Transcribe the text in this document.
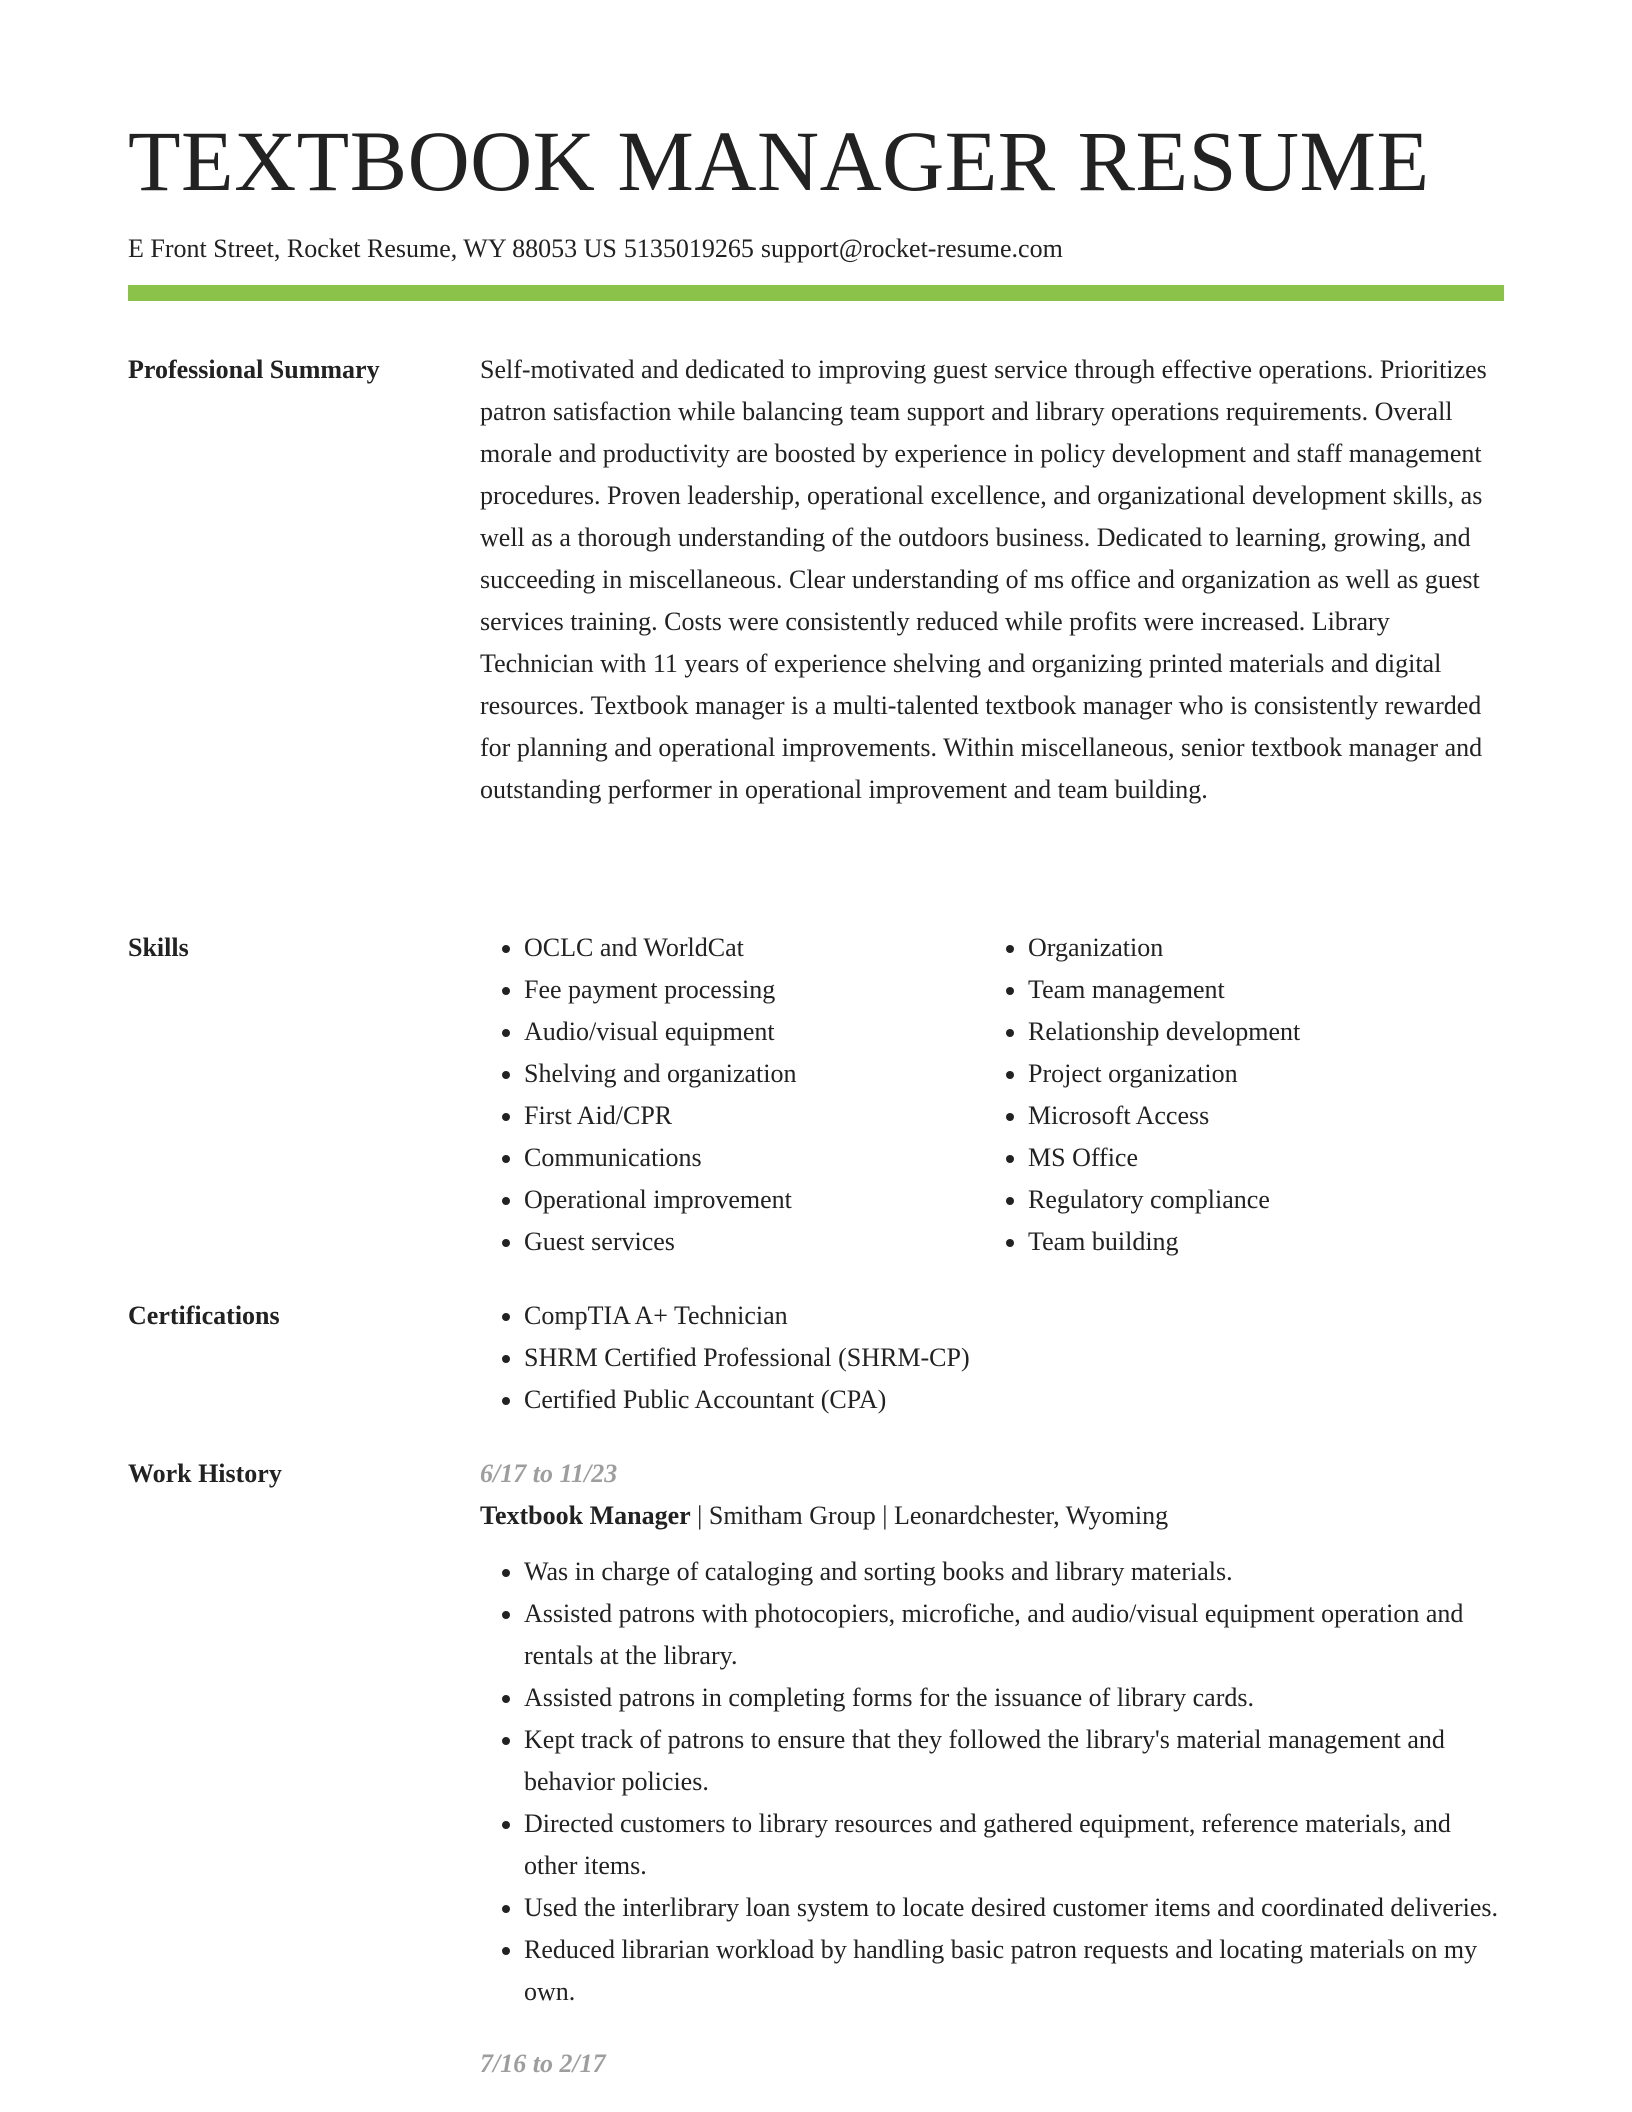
TEXTBOOK MANAGER RESUME
E Front Street, Rocket Resume, WY 88053 US 5135019265 support@rocket-resume.com
Professional Summary	Self-motivated and dedicated to improving guest service through effective operations. Prioritizes patron satisfaction while balancing team support and library operations requirements. Overall morale and productivity are boosted by experience in policy development and staff management procedures. Proven leadership, operational excellence, and organizational development skills, as well as a thorough understanding of the outdoors business. Dedicated to learning, growing, and succeeding in miscellaneous. Clear understanding of ms office and organization as well as guest services training. Costs were consistently reduced while profits were increased. Library Technician with 11 years of experience shelving and organizing printed materials and digital resources. Textbook manager is a multi-talented textbook manager who is consistently rewarded for planning and operational improvements. Within miscellaneous, senior textbook manager and outstanding performer in operational improvement and team building.

Skills	• OCLC and WorldCat
• Fee payment processing
• Audio/visual equipment
• Shelving and organization
• First Aid/CPR
• Communications
• Operational improvement
• Guest services
• Organization
• Team management
• Relationship development
• Project organization
• Microsoft Access
• MS Office
• Regulatory compliance
• Team building
Certifications	• CompTIA A+ Technician
• SHRM Certified Professional (SHRM-CP)
• Certified Public Accountant (CPA)
Work History	6/17 to 11/23
Textbook Manager | Smitham Group | Leonardchester, Wyoming
• Was in charge of cataloging and sorting books and library materials.
• Assisted patrons with photocopiers, microfiche, and audio/visual equipment operation and rentals at the library.
• Assisted patrons in completing forms for the issuance of library cards.
• Kept track of patrons to ensure that they followed the library's material management and behavior policies.
• Directed customers to library resources and gathered equipment, reference materials, and other items.
• Used the interlibrary loan system to locate desired customer items and coordinated deliveries.
• Reduced librarian workload by handling basic patron requests and locating materials on my own.
7/16 to 2/17
